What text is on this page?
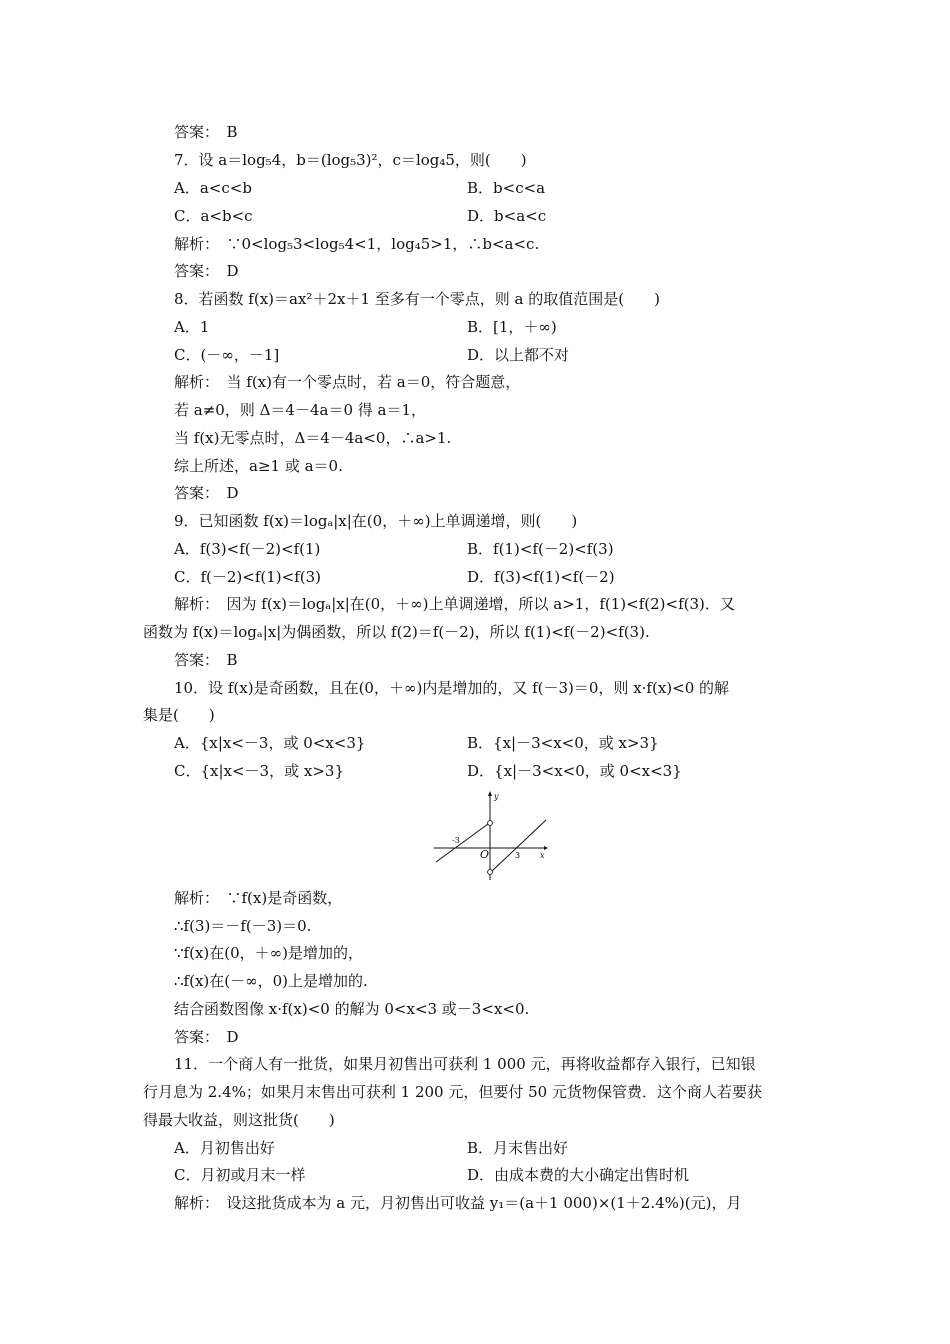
答案：　B
7．设 a＝log₅4，b＝(log₅3)²，c＝log₄5，则(　　)
A．a<c<b	B．b<c<a
C．a<b<c	D．b<a<c
解析：　∵0<log₅3<log₅4<1，log₄5>1，∴b<a<c.
答案：　D
8．若函数 f(x)＝ax²＋2x＋1 至多有一个零点，则 a 的取值范围是(　　)
A．1	B．[1，＋∞)
C．(－∞，－1]	D．以上都不对
解析：　当 f(x)有一个零点时，若 a＝0，符合题意，
若 a≠0，则 Δ＝4－4a＝0 得 a＝1，
当 f(x)无零点时，Δ＝4－4a<0，∴a>1.
综上所述，a≥1 或 a＝0.
答案：　D
9．已知函数 f(x)＝logₐ|x|在(0，＋∞)上单调递增，则(　　)
A．f(3)<f(－2)<f(1)	B．f(1)<f(－2)<f(3)
C．f(－2)<f(1)<f(3)	D．f(3)<f(1)<f(－2)
解析：　因为 f(x)＝logₐ|x|在(0，＋∞)上单调递增，所以 a>1，f(1)<f(2)<f(3)．又
函数为 f(x)＝logₐ|x|为偶函数，所以 f(2)＝f(－2)，所以 f(1)<f(－2)<f(3).
答案：　B
10．设 f(x)是奇函数，且在(0，＋∞)内是增加的，又 f(－3)＝0，则 x·f(x)<0 的解
集是(　　)
A．{x|x<－3，或 0<x<3}	B．{x|－3<x<0，或 x>3}
C．{x|x<－3，或 x>3}	D．{x|－3<x<0，或 0<x<3}
y
x
O
-3
3
解析：　∵f(x)是奇函数，
∴f(3)＝－f(－3)＝0.
∵f(x)在(0，＋∞)是增加的，
∴f(x)在(－∞，0)上是增加的.
结合函数图像 x·f(x)<0 的解为 0<x<3 或－3<x<0.
答案：　D
11．一个商人有一批货，如果月初售出可获利 1 000 元，再将收益都存入银行，已知银
行月息为 2.4%；如果月末售出可获利 1 200 元，但要付 50 元货物保管费．这个商人若要获
得最大收益，则这批货(　　)
A．月初售出好	B．月末售出好
C．月初或月末一样	D．由成本费的大小确定出售时机
解析：　设这批货成本为 a 元，月初售出可收益 y₁＝(a＋1 000)×(1＋2.4%)(元)，月
